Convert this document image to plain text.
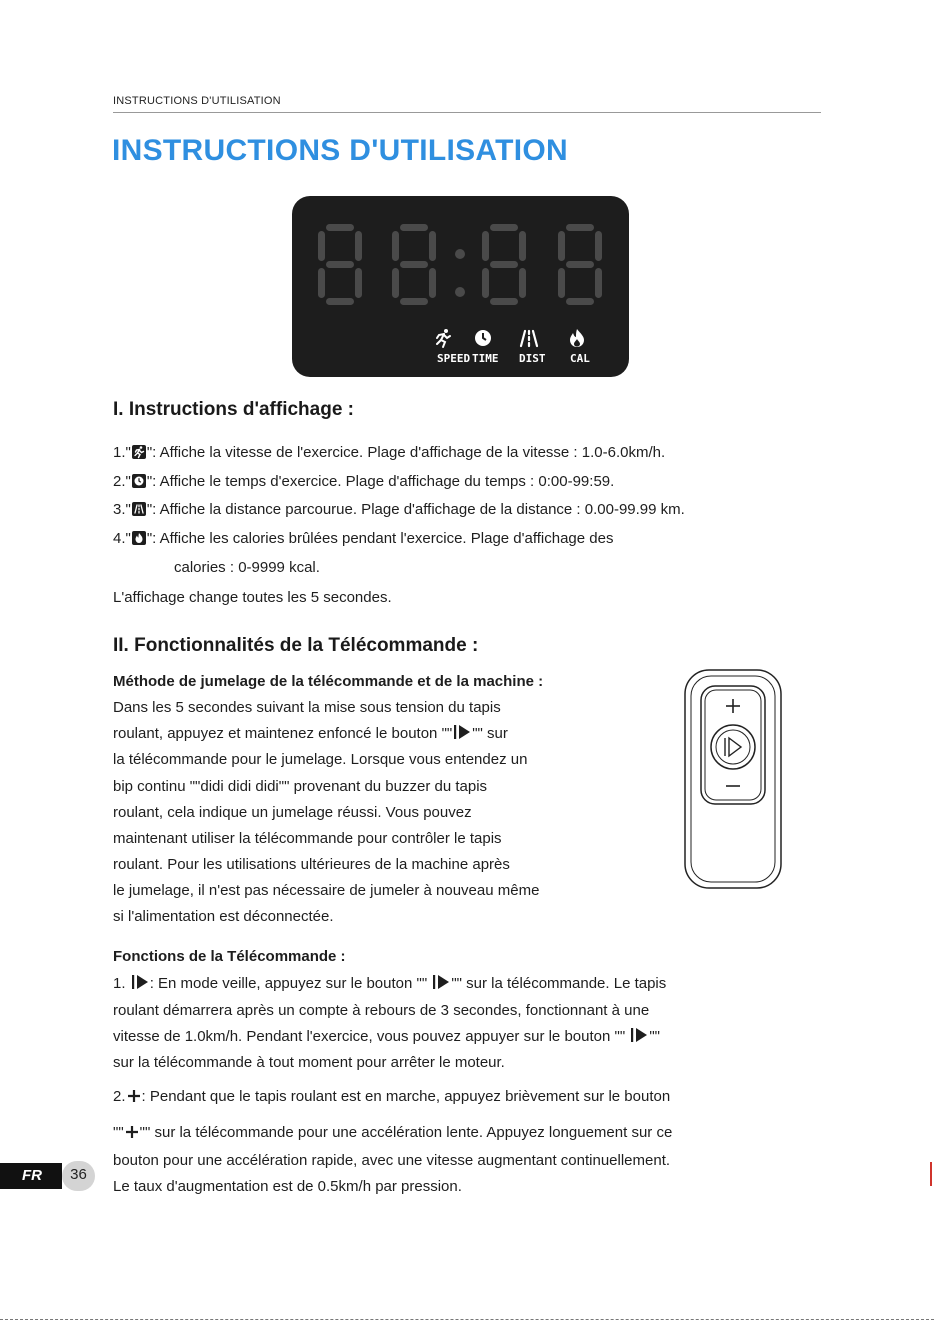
INSTRUCTIONS D'UTILISATION
INSTRUCTIONS D'UTILISATION
SPEED TIME DIST CAL
I. Instructions d'affichage :
1." ": Affiche la vitesse de l'exercice. Plage d'affichage de la vitesse : 1.0-6.0km/h.
2." ": Affiche le temps d'exercice. Plage d'affichage du temps : 0:00-99:59.
3." ": Affiche la distance parcourue. Plage d'affichage de la distance : 0.00-99.99 km.
4." ": Affiche les calories brûlées pendant l'exercice. Plage d'affichage des
calories : 0-9999 kcal.
L'affichage change toutes les 5 secondes.
II. Fonctionnalités de la Télécommande :
Méthode de jumelage de la télécommande et de la machine :
Dans les 5 secondes suivant la mise sous tension du tapis
roulant, appuyez et maintenez enfoncé le bouton "" "" sur
la télécommande pour le jumelage. Lorsque vous entendez un
bip continu ""didi didi didi"" provenant du buzzer du tapis
roulant, cela indique un jumelage réussi. Vous pouvez
maintenant utiliser la télécommande pour contrôler le tapis
roulant. Pour les utilisations ultérieures de la machine après
le jumelage, il n'est pas nécessaire de jumeler à nouveau même
si l'alimentation est déconnectée.
Fonctions de la Télécommande :
1. : En mode veille, appuyez sur le bouton "" "" sur la télécommande. Le tapis
roulant démarrera après un compte à rebours de 3 secondes, fonctionnant à une
vitesse de 1.0km/h. Pendant l'exercice, vous pouvez appuyer sur le bouton "" ""
sur la télécommande à tout moment pour arrêter le moteur.
2. : Pendant que le tapis roulant est en marche, appuyez brièvement sur le bouton
"" "" sur la télécommande pour une accélération lente. Appuyez longuement sur ce
bouton pour une accélération rapide, avec une vitesse augmentant continuellement.
Le taux d'augmentation est de 0.5km/h par pression.
FR	36
